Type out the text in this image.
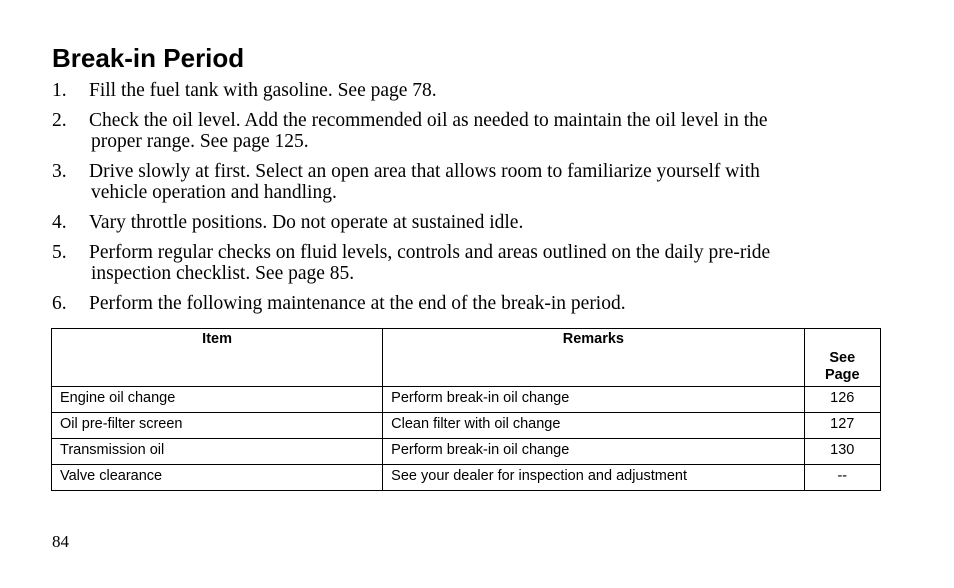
Break-in Period
1. Fill the fuel tank with gasoline. See page 78.
2. Check the oil level. Add the recommended oil as needed to maintain the oil level in the
proper range. See page 125.
3. Drive slowly at first. Select an open area that allows room to familiarize yourself with
vehicle operation and handling.
4. Vary throttle positions. Do not operate at sustained idle.
5. Perform regular checks on fluid levels, controls and areas outlined on the daily pre-ride
inspection checklist. See page 85.
6. Perform the following maintenance at the end of the break-in period.
Item	Remarks	See
Page
Engine oil change	Perform break-in oil change	126
Oil pre-filter screen	Clean filter with oil change	127
Transmission oil	Perform break-in oil change	130
Valve clearance	See your dealer for inspection and adjustment	--
84
